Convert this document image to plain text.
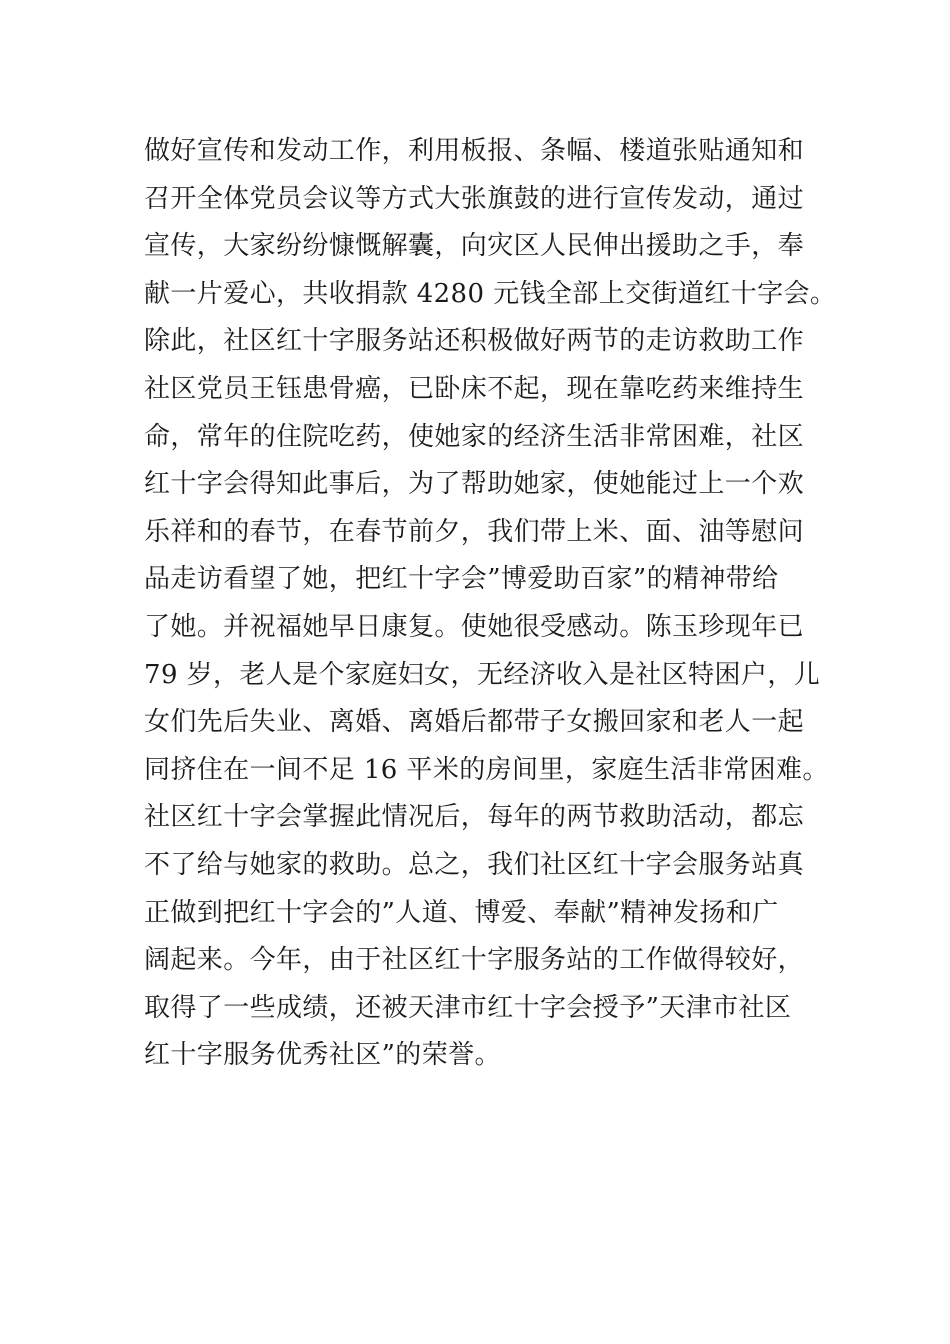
做好宣传和发动工作，利用板报、条幅、楼道张贴通知和
召开全体党员会议等方式大张旗鼓的进行宣传发动，通过
宣传，大家纷纷慷慨解囊，向灾区人民伸出援助之手，奉
献一片爱心，共收捐款 4280 元钱全部上交街道红十字会。
除此，社区红十字服务站还积极做好两节的走访救助工作
社区党员王钰患骨癌，已卧床不起，现在靠吃药来维持生
命，常年的住院吃药，使她家的经济生活非常困难，社区
红十字会得知此事后，为了帮助她家，使她能过上一个欢
乐祥和的春节，在春节前夕，我们带上米、面、油等慰问
品走访看望了她，把红十字会”博爱助百家”的精神带给
了她。并祝福她早日康复。使她很受感动。陈玉珍现年已
79 岁，老人是个家庭妇女，无经济收入是社区特困户，儿
女们先后失业、离婚、离婚后都带子女搬回家和老人一起
同挤住在一间不足 16 平米的房间里，家庭生活非常困难。
社区红十字会掌握此情况后，每年的两节救助活动，都忘
不了给与她家的救助。总之，我们社区红十字会服务站真
正做到把红十字会的”人道、博爱、奉献”精神发扬和广
阔起来。今年，由于社区红十字服务站的工作做得较好，
取得了一些成绩，还被天津市红十字会授予”天津市社区
红十字服务优秀社区”的荣誉。
